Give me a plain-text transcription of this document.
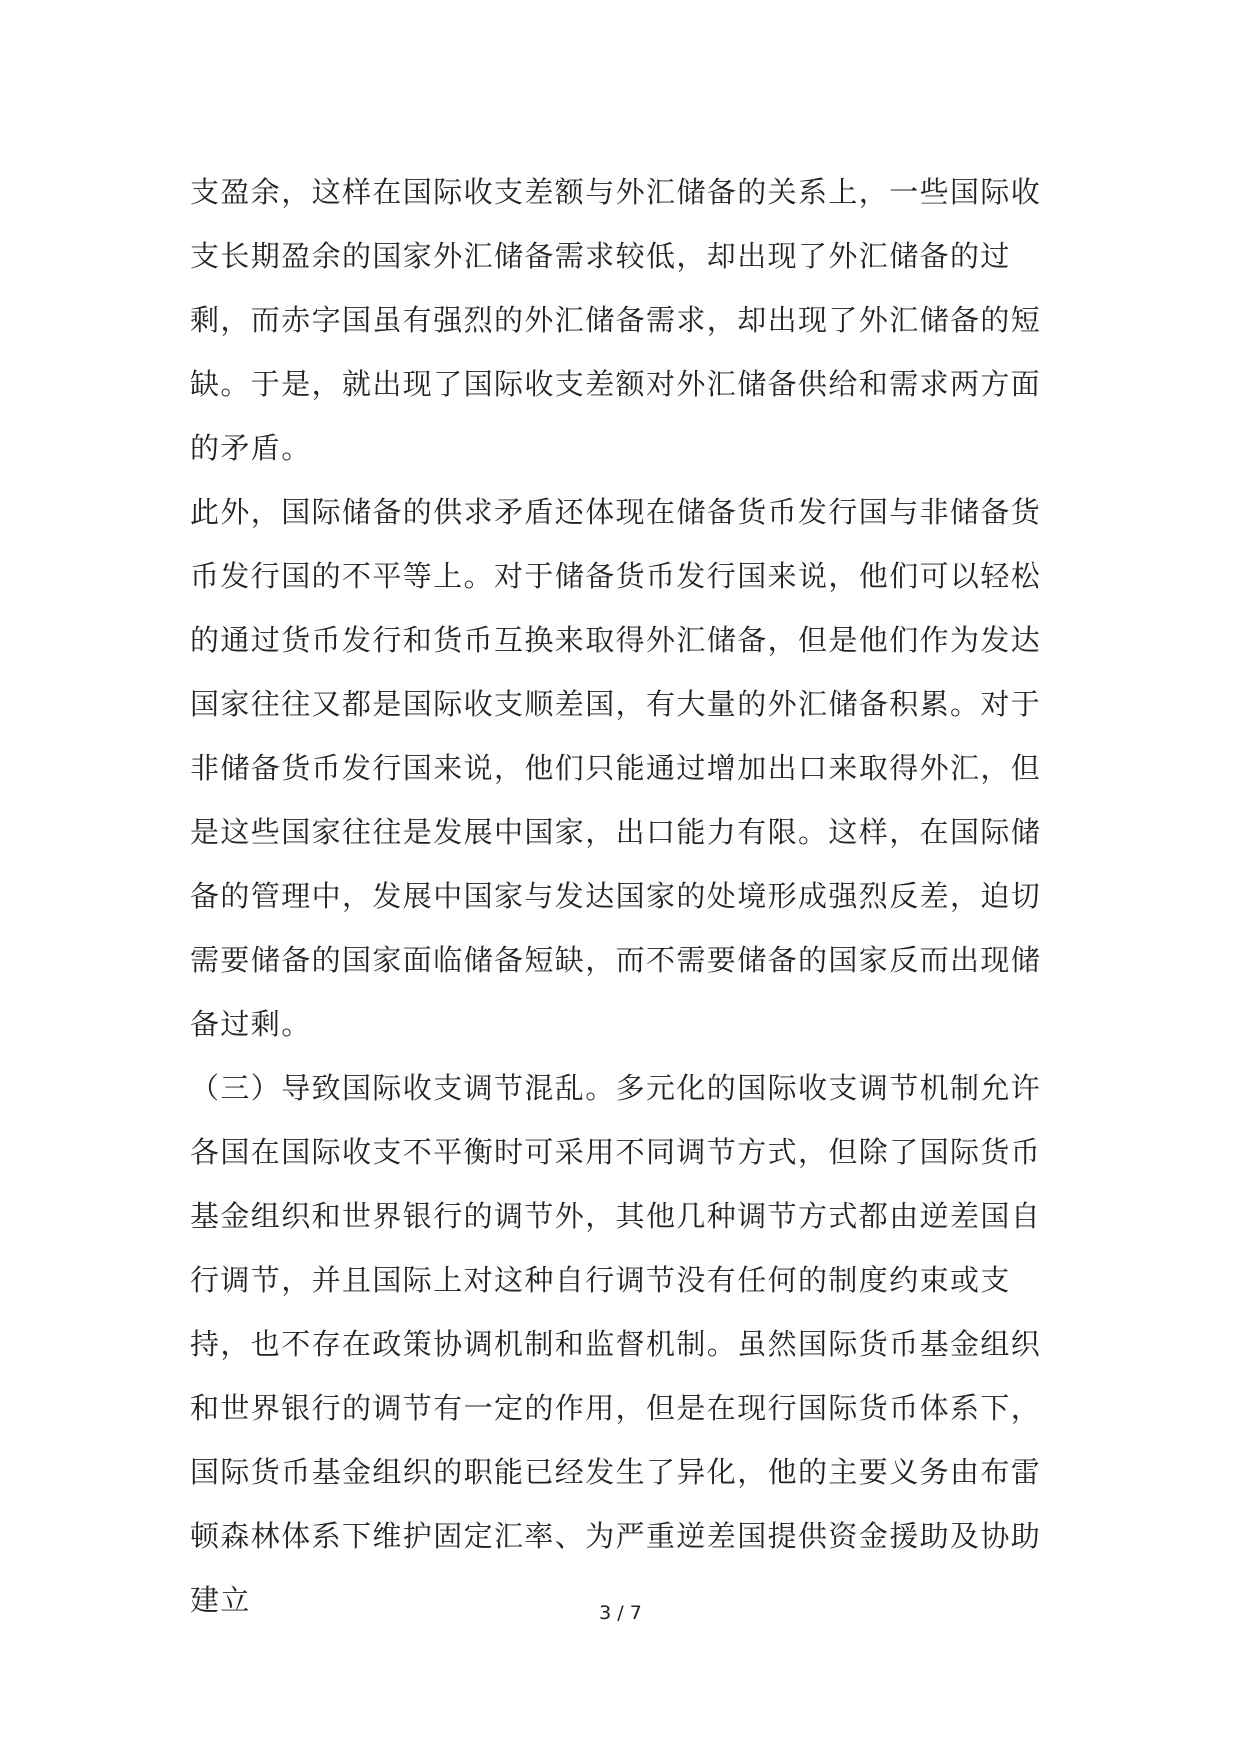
支盈余，这样在国际收支差额与外汇储备的关系上，一些国际收支长期盈余的国家外汇储备需求较低，却出现了外汇储备的过剩，而赤字国虽有强烈的外汇储备需求，却出现了外汇储备的短缺。于是，就出现了国际收支差额对外汇储备供给和需求两方面的矛盾。

此外，国际储备的供求矛盾还体现在储备货币发行国与非储备货币发行国的不平等上。对于储备货币发行国来说，他们可以轻松的通过货币发行和货币互换来取得外汇储备，但是他们作为发达国家往往又都是国际收支顺差国，有大量的外汇储备积累。对于非储备货币发行国来说，他们只能通过增加出口来取得外汇，但是这些国家往往是发展中国家，出口能力有限。这样，在国际储备的管理中，发展中国家与发达国家的处境形成强烈反差，迫切需要储备的国家面临储备短缺，而不需要储备的国家反而出现储备过剩。

（三）导致国际收支调节混乱。多元化的国际收支调节机制允许各国在国际收支不平衡时可采用不同调节方式，但除了国际货币基金组织和世界银行的调节外，其他几种调节方式都由逆差国自行调节，并且国际上对这种自行调节没有任何的制度约束或支持，也不存在政策协调机制和监督机制。虽然国际货币基金组织和世界银行的调节有一定的作用，但是在现行国际货币体系下，国际货币基金组织的职能已经发生了异化，他的主要义务由布雷顿森林体系下维护固定汇率、为严重逆差国提供资金援助及协助建立	3 / 7
